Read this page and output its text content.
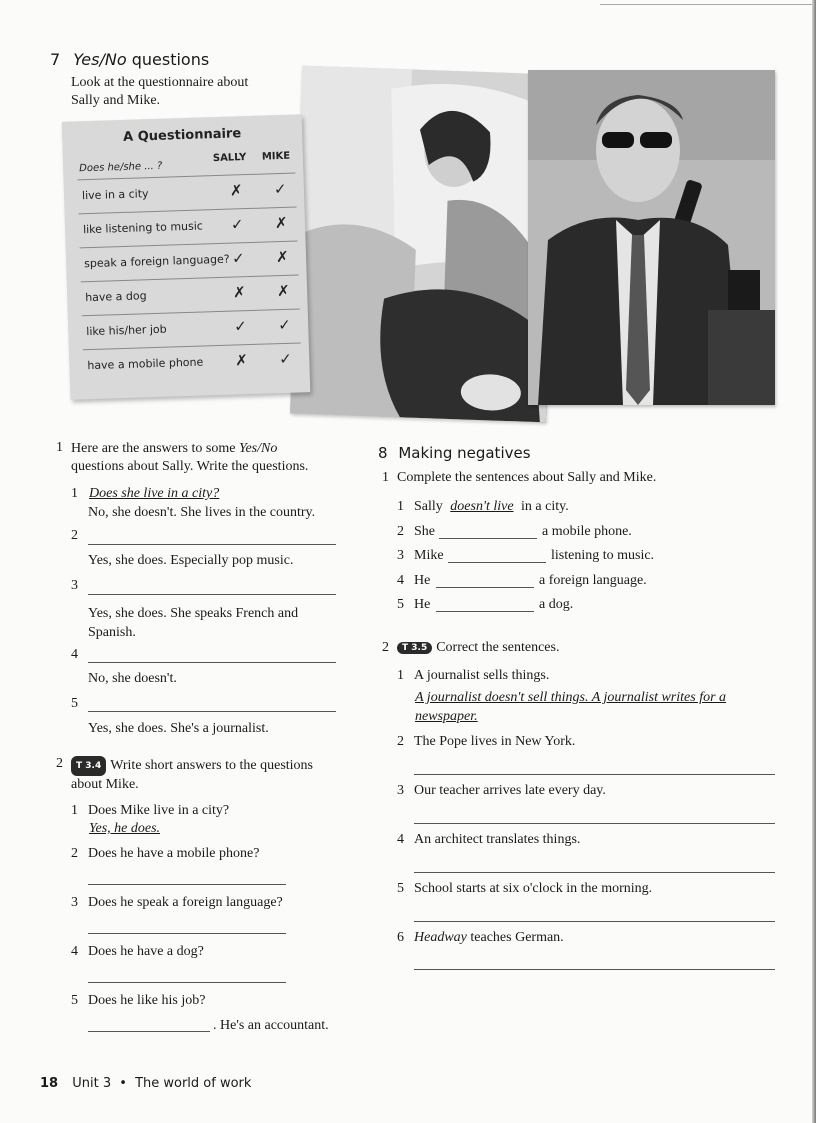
7 Yes/No questions
Look at the questionnaire about
Sally and Mike.
A Questionnaire
Does he/she ... ?
SALLY MIKE
live in a city	✗ ✓
like listening to music ✓ ✗
speak a foreign language? ✓ ✗
have a dog	✗ ✗
like his/her job	✓ ✓
have a mobile phone ✗ ✓
1 Here are the answers to some Yes/No
questions about Sally. Write the questions.
1 Does she live in a city?
No, she doesn't. She lives in the country.
2
Yes, she does. Especially pop music.
3
Yes, she does. She speaks French and
Spanish.
4
No, she doesn't.
5
Yes, she does. She's a journalist.
2	T 3.4 Write short answers to the questions
about Mike.
1 Does Mike live in a city?
Yes, he does.
2 Does he have a mobile phone?
3 Does he speak a foreign language?
4 Does he have a dog?
5 Does he like his job?
. He's an accountant.
8 Making negatives
1 Complete the sentences about Sally and Mike.
1 Sally doesn't live in a city.
2 She	a mobile phone.
3 Mike	listening to music.
4 He	a foreign language.
5 He	a dog.
2	T 3.5 Correct the sentences.
1 A journalist sells things.
A journalist doesn't sell things. A journalist writes for a
newspaper.
2 The Pope lives in New York.
3 Our teacher arrives late every day.
4 An architect translates things.
5 School starts at six o'clock in the morning.
6 Headway teaches German.
18 Unit 3 • The world of work
